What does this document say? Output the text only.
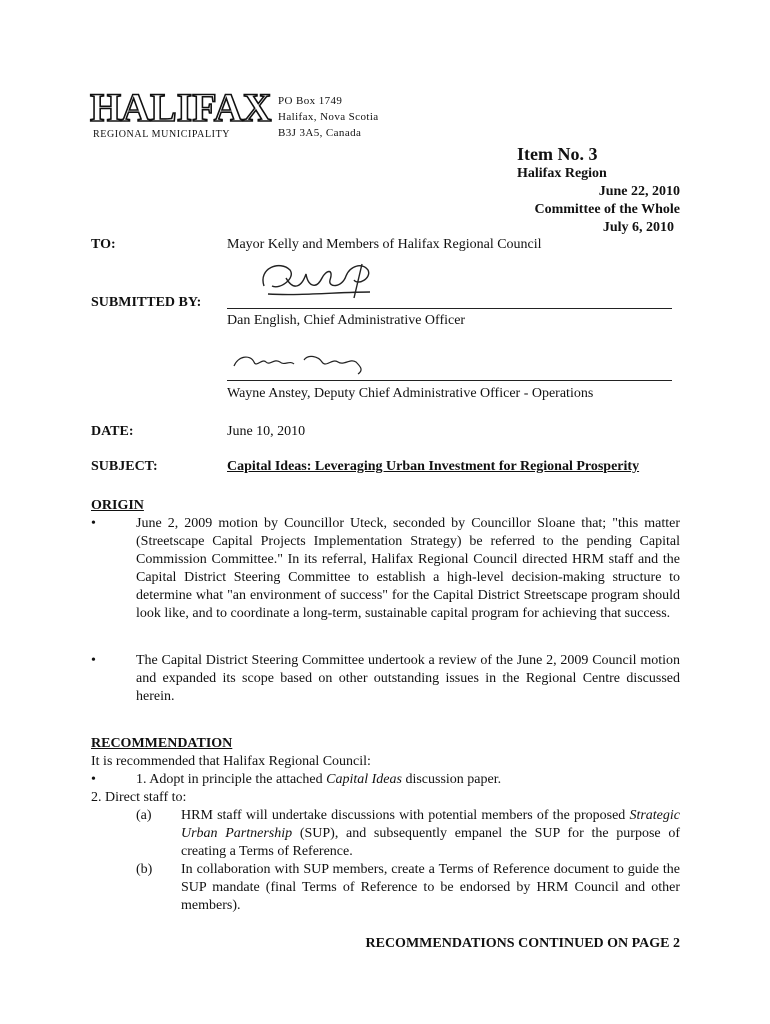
HALIFAX
REGIONAL MUNICIPALITY
PO Box 1749
Halifax, Nova Scotia
B3J 3A5, Canada
Item No. 3
Halifax Region
June 22, 2010
Committee of the Whole
July 6, 2010
TO:	Mayor Kelly and Members of Halifax Regional Council
SUBMITTED BY:
Dan English, Chief Administrative Officer
Wayne Anstey, Deputy Chief Administrative Officer - Operations
DATE:	June 10, 2010
SUBJECT:	Capital Ideas: Leveraging Urban Investment for Regional Prosperity
ORIGIN
•	June 2, 2009 motion by Councillor Uteck, seconded by Councillor Sloane that; "this matter (Streetscape Capital Projects Implementation Strategy) be referred to the pending Capital Commission Committee." In its referral, Halifax Regional Council directed HRM staff and the Capital District Steering Committee to establish a high-level decision-making structure to determine what "an environment of success" for the Capital District Streetscape program should look like, and to coordinate a long-term, sustainable capital program for achieving that success.
•	The Capital District Steering Committee undertook a review of the June 2, 2009 Council motion and expanded its scope based on other outstanding issues in the Regional Centre discussed herein.
RECOMMENDATION
It is recommended that Halifax Regional Council:
•	1. Adopt in principle the attached Capital Ideas discussion paper.
2. Direct staff to:
(a) HRM staff will undertake discussions with potential members of the proposed Strategic Urban Partnership (SUP), and subsequently empanel the SUP for the purpose of creating a Terms of Reference.
(b) In collaboration with SUP members, create a Terms of Reference document to guide the SUP mandate (final Terms of Reference to be endorsed by HRM Council and other members).
RECOMMENDATIONS CONTINUED ON PAGE 2
